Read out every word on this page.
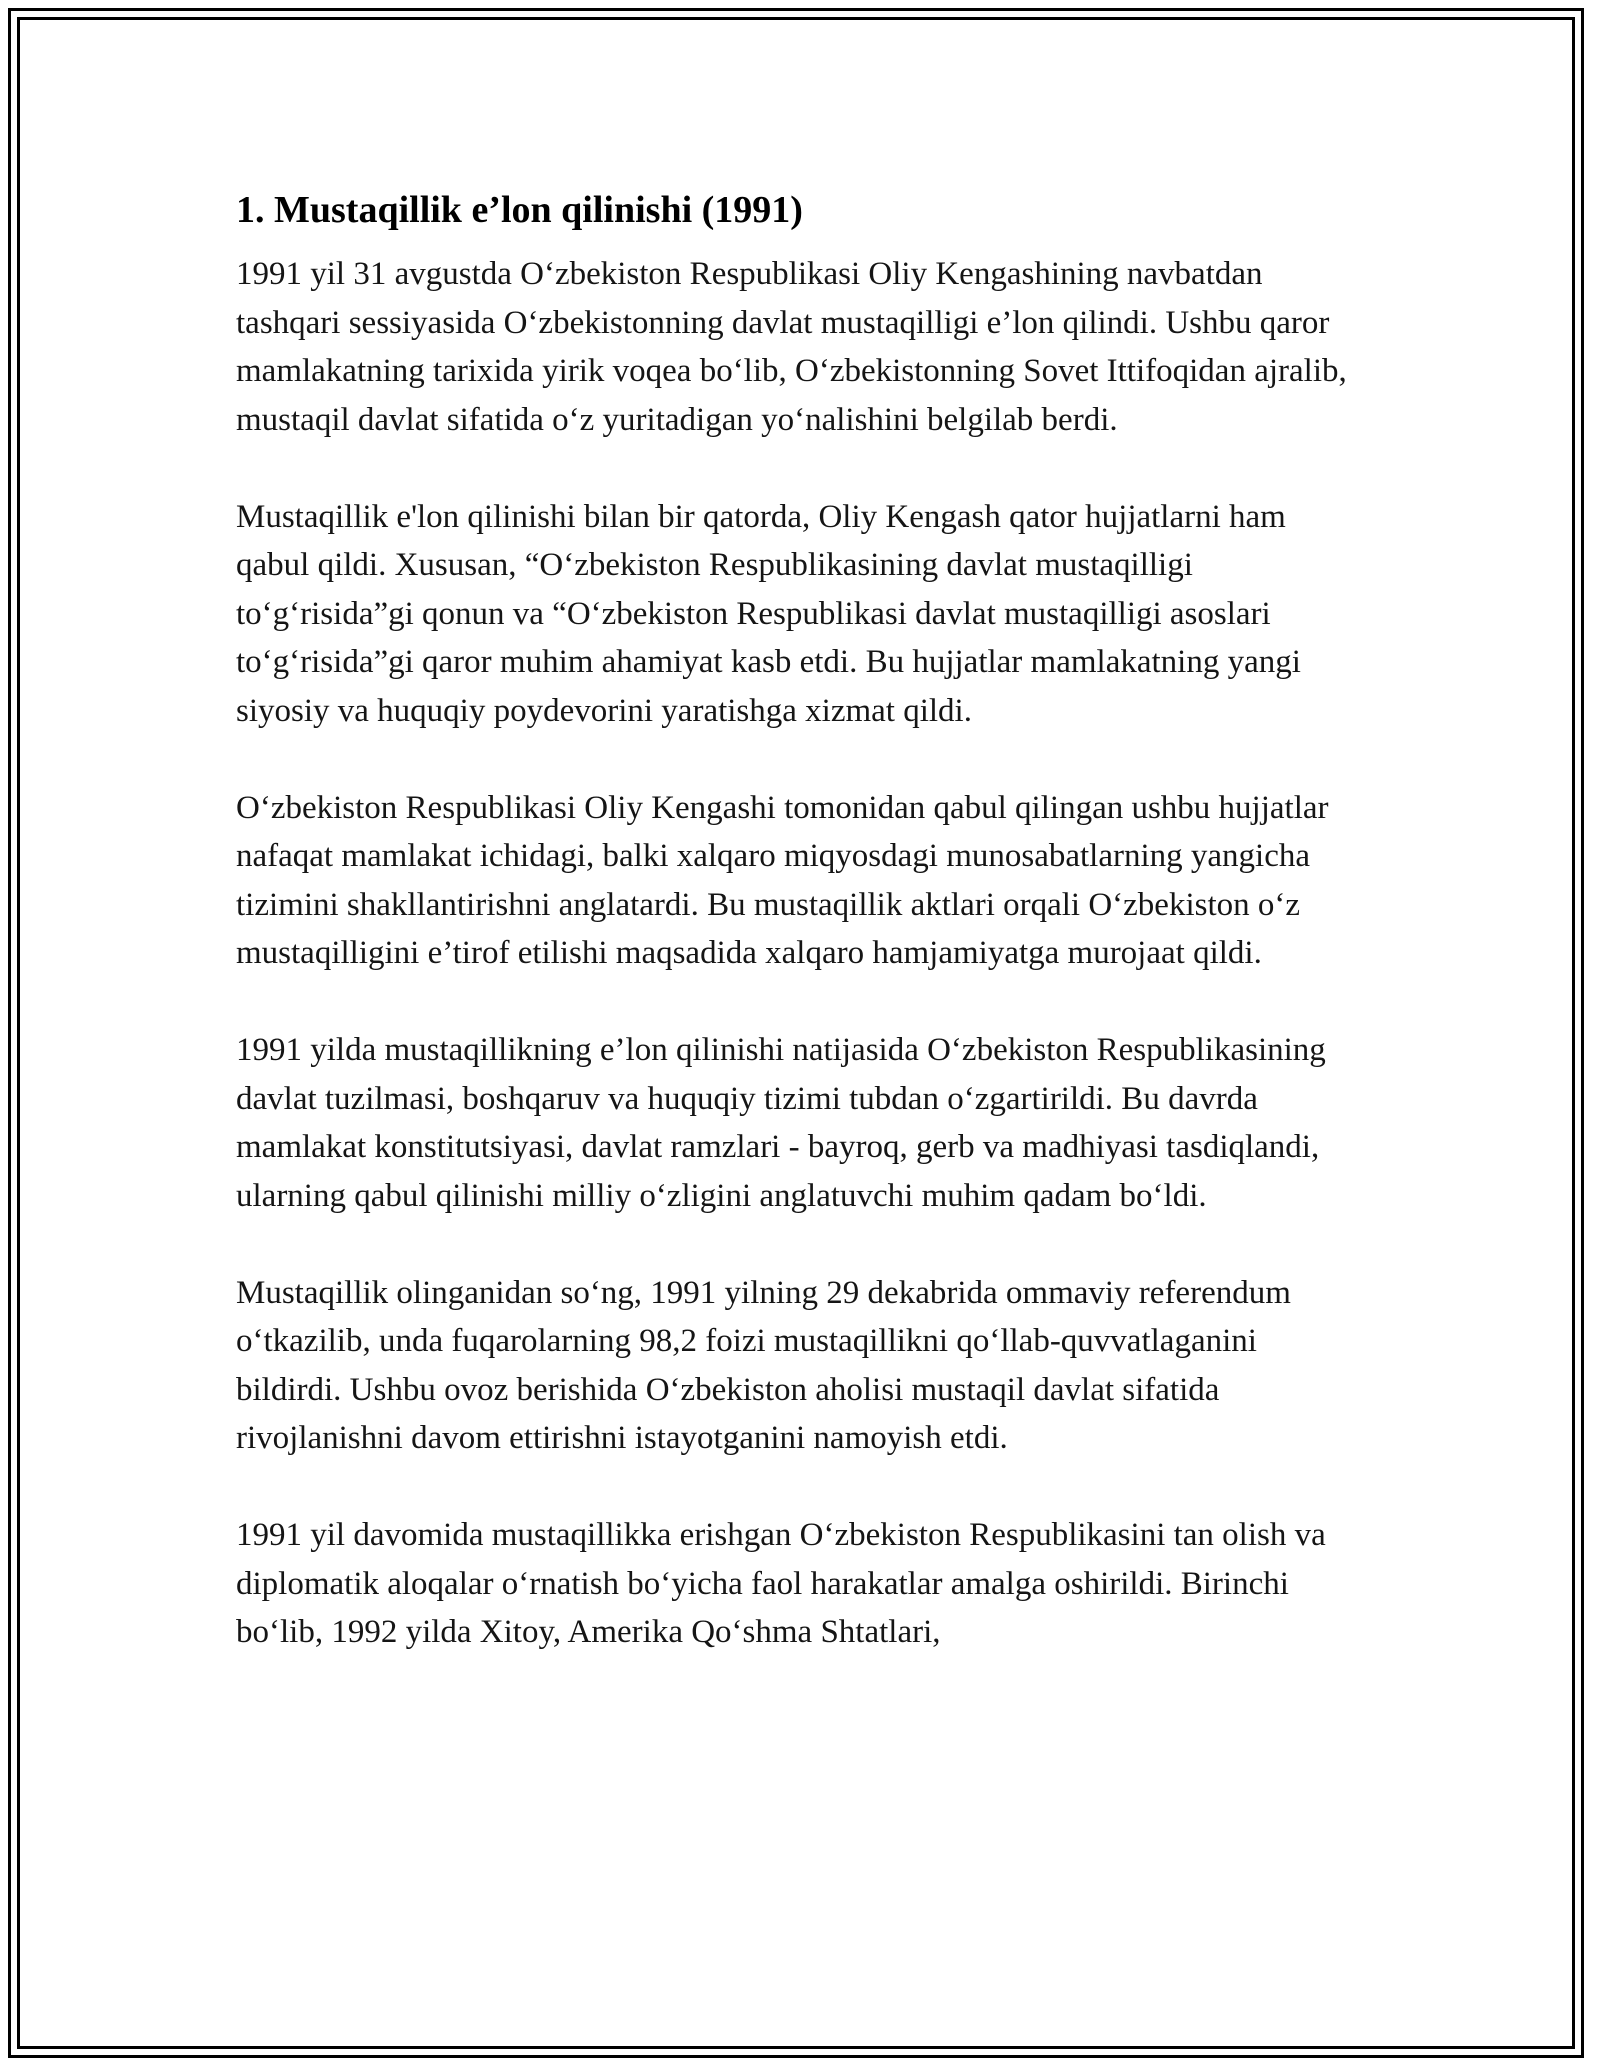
1. Mustaqillik e’lon qilinishi (1991)

1991 yil 31 avgustda O‘zbekiston Respublikasi Oliy Kengashining navbatdan tashqari sessiyasida O‘zbekistonning davlat mustaqilligi e’lon qilindi. Ushbu qaror mamlakatning tarixida yirik voqea bo‘lib, O‘zbekistonning Sovet Ittifoqidan ajralib, mustaqil davlat sifatida o‘z yuritadigan yo‘nalishini belgilab berdi.

Mustaqillik e'lon qilinishi bilan bir qatorda, Oliy Kengash qator hujjatlarni ham qabul qildi. Xususan, “O‘zbekiston Respublikasining davlat mustaqilligi to‘g‘risida”gi qonun va “O‘zbekiston Respublikasi davlat mustaqilligi asoslari to‘g‘risida”gi qaror muhim ahamiyat kasb etdi. Bu hujjatlar mamlakatning yangi siyosiy va huquqiy poydevorini yaratishga xizmat qildi.

O‘zbekiston Respublikasi Oliy Kengashi tomonidan qabul qilingan ushbu hujjatlar nafaqat mamlakat ichidagi, balki xalqaro miqyosdagi munosabatlarning yangicha tizimini shakllantirishni anglatardi. Bu mustaqillik aktlari orqali O‘zbekiston o‘z mustaqilligini e’tirof etilishi maqsadida xalqaro hamjamiyatga murojaat qildi.

1991 yilda mustaqillikning e’lon qilinishi natijasida O‘zbekiston Respublikasining davlat tuzilmasi, boshqaruv va huquqiy tizimi tubdan o‘zgartirildi. Bu davrda mamlakat konstitutsiyasi, davlat ramzlari - bayroq, gerb va madhiyasi tasdiqlandi, ularning qabul qilinishi milliy o‘zligini anglatuvchi muhim qadam bo‘ldi.

Mustaqillik olinganidan so‘ng, 1991 yilning 29 dekabrida ommaviy referendum o‘tkazilib, unda fuqarolarning 98,2 foizi mustaqillikni qo‘llab-quvvatlaganini bildirdi. Ushbu ovoz berishida O‘zbekiston aholisi mustaqil davlat sifatida rivojlanishni davom ettirishni istayotganini namoyish etdi.

1991 yil davomida mustaqillikka erishgan O‘zbekiston Respublikasini tan olish va diplomatik aloqalar o‘rnatish bo‘yicha faol harakatlar amalga oshirildi. Birinchi bo‘lib, 1992 yilda Xitoy, Amerika Qo‘shma Shtatlari,
